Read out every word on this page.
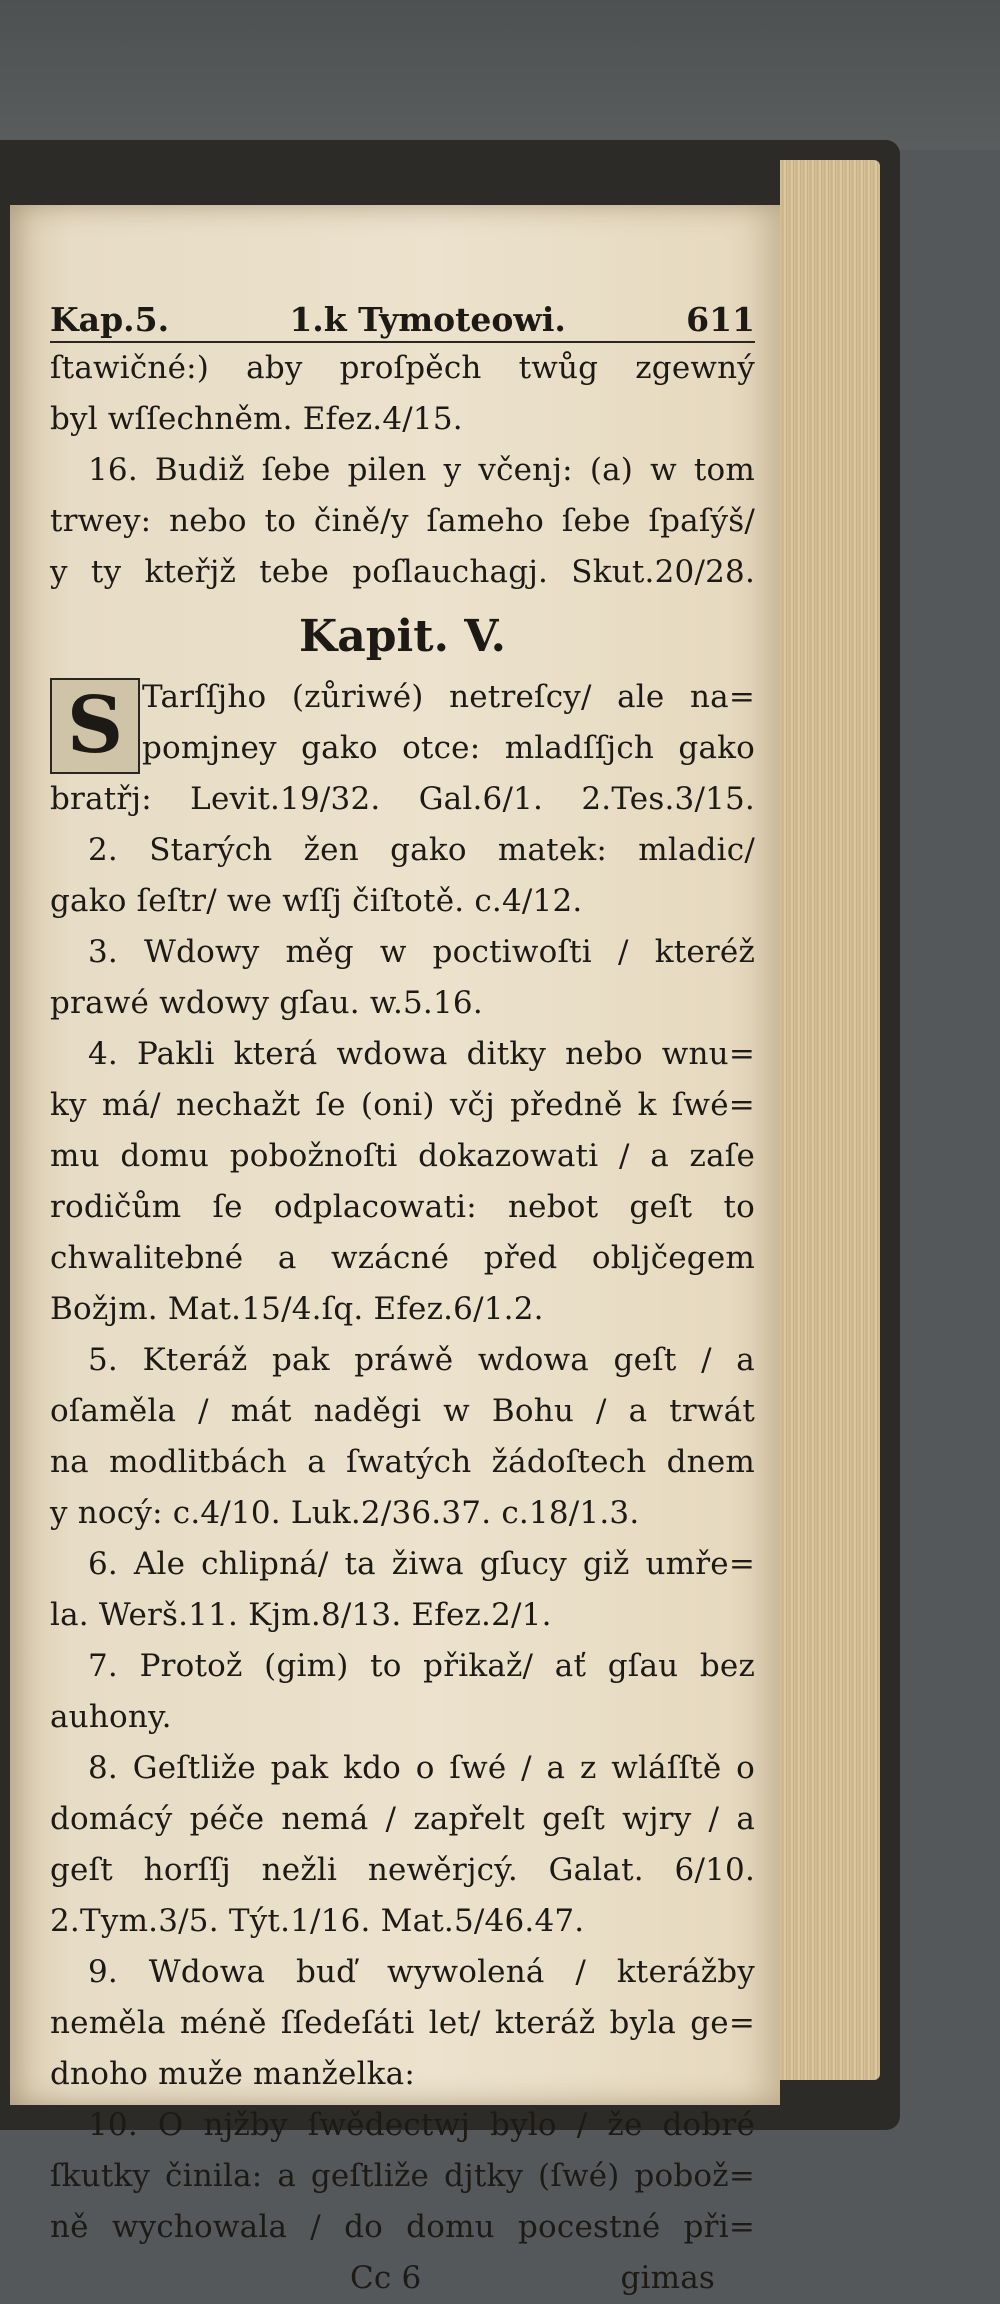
Kap.5.	1.k Tymoteowi.	611
ſtawičné:) aby proſpěch twůg zgewný
byl wſſechněm. Efez.4/15.
16. Budiž ſebe pilen y včenj: (a) w tom
trwey: nebo to čině/y ſameho ſebe ſpaſýš/
y ty kteřjž tebe poſlauchagj. Skut.20/28.
Kapit. V.
S Tarſſjho (zůriwé) netreſcy/ ale na=
pomjney gako otce: mladſſjch gako
bratřj: Levit.19/32. Gal.6/1. 2.Tes.3/15.
2. Starých žen gako matek: mladic/
gako ſeſtr/ we wſſj čiſtotě. c.4/12.
3. Wdowy měg w poctiwoſti / kteréž
prawé wdowy gſau. w.5.16.
4. Pakli která wdowa ditky nebo wnu=
ky má/ nechažt ſe (oni) včj předně k ſwé=
mu domu pobožnoſti dokazowati / a zaſe
rodičům ſe odplacowati: nebot geſt to
chwalitebné a wzácné před obljčegem
Božjm. Mat.15/4.ſq. Efez.6/1.2.
5. Kteráž pak práwě wdowa geſt / a
oſaměla / mát naděgi w Bohu / a trwát
na modlitbách a ſwatých žádoſtech dnem
y nocý: c.4/10. Luk.2/36.37. c.18/1.3.
6. Ale chlipná/ ta žiwa gſucy giž umře=
la. Werš.11. Kjm.8/13. Efez.2/1.
7. Protož (gim) to přikaž/ ať gſau bez
auhony.
8. Geſtliže pak kdo o ſwé / a z wláſſtě o
domácý péče nemá / zapřelt geſt wjry / a
geſt horſſj nežli newěrjcý. Galat. 6/10.
2.Tym.3/5. Týt.1/16. Mat.5/46.47.
9. Wdowa buď wywolená / kterážby
neměla méně ſſedeſáti let/ kteráž byla ge=
dnoho muže manželka:
10. O njžby ſwědectwj bylo / že dobré
ſkutky činila: a geſtliže djtky (ſwé) pobož=
ně wychowala / do domu pocestné při=
Cc 6	gimas
